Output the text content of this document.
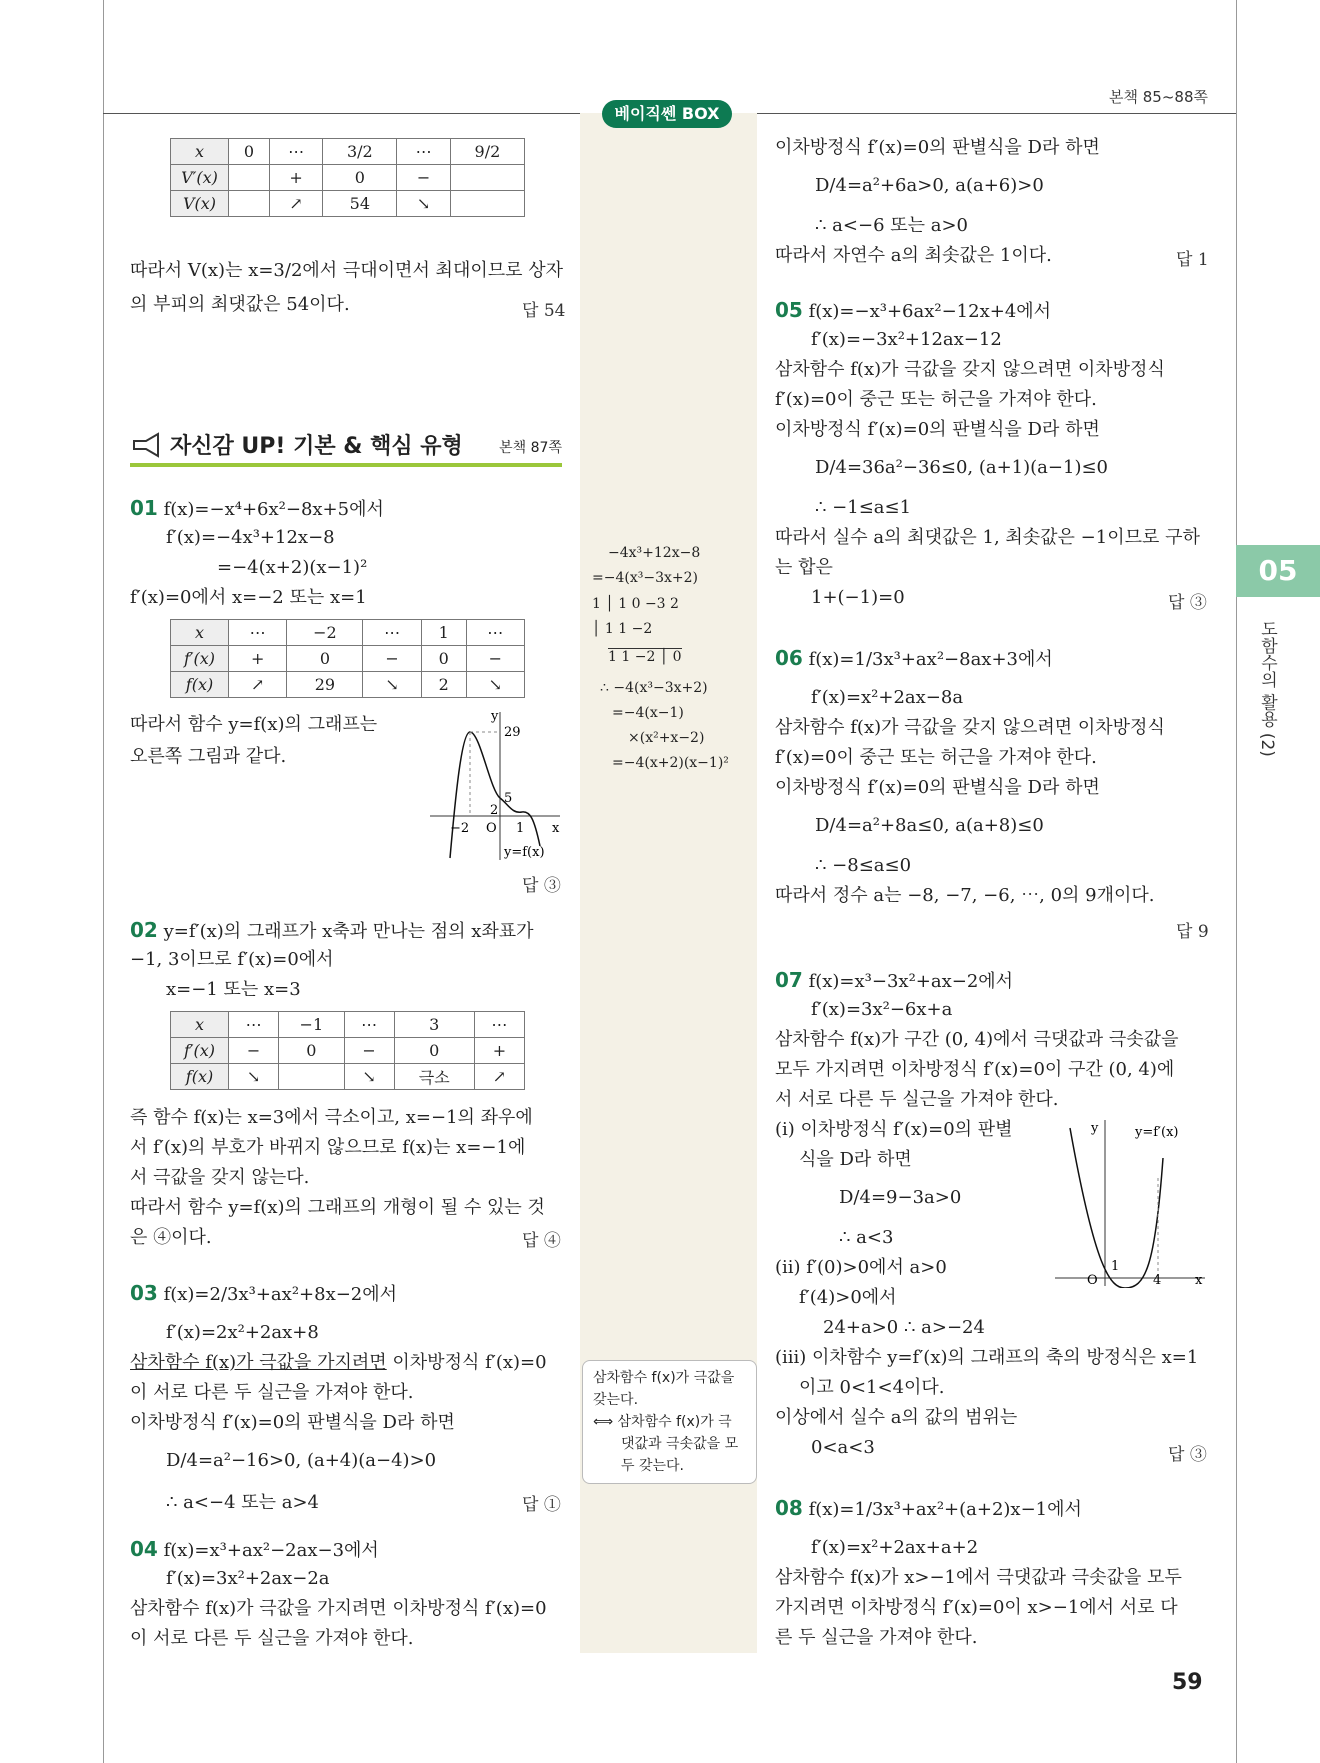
본책 85~88쪽
베이직쎈 BOX
x	0	⋯	3/2	⋯	9/2
V′(x)		+	0	−	
V(x)		↗	54	↘	
따라서 V(x)는 x=3/2에서 극대이면서 최대이므로 상자
의 부피의 최댓값은 54이다.	답 54
자신감 UP! 기본 & 핵심 유형	본책 87쪽
01 f(x)=−x⁴+6x²−8x+5에서
f′(x)=−4x³+12x−8
=−4(x+2)(x−1)²
f′(x)=0에서 x=−2 또는 x=1
x	⋯	−2	⋯	1	⋯
f′(x)	+	0	−	0	−
f(x)	↗	29	↘	2	↘
따라서 함수 y=f(x)의 그래프는
오른쪽 그림과 같다.
y
29
5
2
−2 O 1 x
y=f(x)
답 ③
02 y=f′(x)의 그래프가 x축과 만나는 점의 x좌표가
−1, 3이므로 f′(x)=0에서
x=−1 또는 x=3
x	⋯	−1	⋯	3	⋯
f′(x)	−	0	−	0	+
f(x)	↘		↘	극소	↗
즉 함수 f(x)는 x=3에서 극소이고, x=−1의 좌우에
서 f′(x)의 부호가 바뀌지 않으므로 f(x)는 x=−1에
서 극값을 갖지 않는다.
따라서 함수 y=f(x)의 그래프의 개형이 될 수 있는 것
은 ④이다.	답 ④
03 f(x)=2/3x³+ax²+8x−2에서
f′(x)=2x²+2ax+8
삼차함수 f(x)가 극값을 가지려면 이차방정식 f′(x)=0
이 서로 다른 두 실근을 가져야 한다.
이차방정식 f′(x)=0의 판별식을 D라 하면
D/4=a²−16>0, (a+4)(a−4)>0
∴ a<−4 또는 a>4	답 ①
04 f(x)=x³+ax²−2ax−3에서
f′(x)=3x²+2ax−2a
삼차함수 f(x)가 극값을 가지려면 이차방정식 f′(x)=0
이 서로 다른 두 실근을 가져야 한다.
−4x³+12x−8
=−4(x³−3x+2)
1 │ 1 0 −3 2
│ 1 1 −2
1 1 −2 │ 0
∴ −4(x³−3x+2)
=−4(x−1)
×(x²+x−2)
=−4(x+2)(x−1)²
삼차함수 f(x)가 극값을
갖는다.
⟺ 삼차함수 f(x)가 극
댓값과 극솟값을 모
두 갖는다.
이차방정식 f′(x)=0의 판별식을 D라 하면
D/4=a²+6a>0, a(a+6)>0
∴ a<−6 또는 a>0
따라서 자연수 a의 최솟값은 1이다.
05 f(x)=−x³+6ax²−12x+4에서
f′(x)=−3x²+12ax−12
삼차함수 f(x)가 극값을 갖지 않으려면 이차방정식
f′(x)=0이 중근 또는 허근을 가져야 한다.
이차방정식 f′(x)=0의 판별식을 D라 하면
D/4=36a²−36≤0, (a+1)(a−1)≤0
∴ −1≤a≤1
따라서 실수 a의 최댓값은 1, 최솟값은 −1이므로 구하
는 합은
1+(−1)=0
06 f(x)=1/3x³+ax²−8ax+3에서
f′(x)=x²+2ax−8a
삼차함수 f(x)가 극값을 갖지 않으려면 이차방정식
f′(x)=0이 중근 또는 허근을 가져야 한다.
이차방정식 f′(x)=0의 판별식을 D라 하면
D/4=a²+8a≤0, a(a+8)≤0
∴ −8≤a≤0
따라서 정수 a는 −8, −7, −6, ⋯, 0의 9개이다.
07 f(x)=x³−3x²+ax−2에서
f′(x)=3x²−6x+a
삼차함수 f(x)가 구간 (0, 4)에서 극댓값과 극솟값을
모두 가지려면 이차방정식 f′(x)=0이 구간 (0, 4)에
서 서로 다른 두 실근을 가져야 한다.
(i) 이차방정식 f′(x)=0의 판별
식을 D라 하면
D/4=9−3a>0
∴ a<3
(ii) f′(0)>0에서 a>0
f′(4)>0에서
24+a>0 ∴ a>−24
(iii) 이차함수 y=f′(x)의 그래프의 축의 방정식은 x=1
이고 0<1<4이다.
이상에서 실수 a의 값의 범위는
0<a<3
08 f(x)=1/3x³+ax²+(a+2)x−1에서
f′(x)=x²+2ax+a+2
삼차함수 f(x)가 x>−1에서 극댓값과 극솟값을 모두
가지려면 이차방정식 f′(x)=0이 x>−1에서 서로 다
른 두 실근을 가져야 한다.
답 1
답 ③
답 9
답 ③
y	y=f′(x)
O
1
4	x
05
도함수의 활용 (2)
59
